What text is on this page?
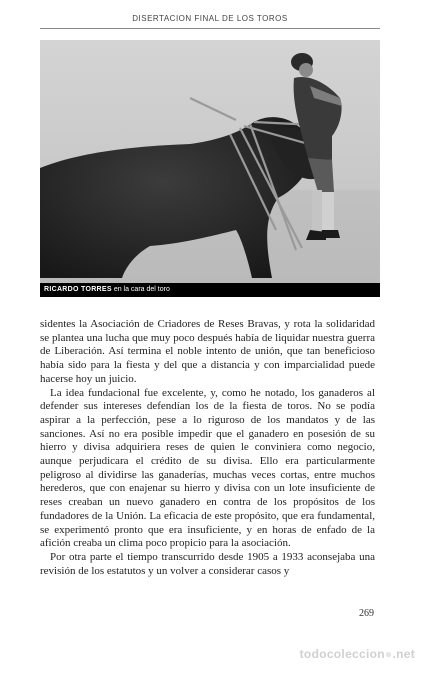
DISERTACION FINAL DE LOS TOROS
RICARDO TORRES en la cara del toro

sidentes la Asociación de Criadores de Reses Bravas, y rota la solidaridad se plantea una lucha que muy poco después había de liquidar nuestra guerra de Liberación. Así termina el noble intento de unión, que tan beneficioso había sido para la fiesta y del que a distancia y con imparcialidad puede hacerse hoy un juicio.

La idea fundacional fue excelente, y, como he notado, los ganaderos al defender sus intereses defendían los de la fiesta de toros. No se podía aspirar a la perfección, pese a lo riguroso de los mandatos y de las sanciones. Así no era posible impedir que el ganadero en posesión de su hierro y divisa adquiriera reses de quien le conviniera como negocio, aunque perjudicara el crédito de su divisa. Ello era particularmente peligroso al dividirse las ganaderías, muchas veces cortas, entre muchos herederos, que con enajenar su hierro y divisa con un lote insuficiente de reses creaban un nuevo ganadero en contra de los propósitos de los fundadores de la Unión. La eficacia de este propósito, que era fundamental, se experimentó pronto que era insuficiente, y en horas de enfado de la afición creaba un clima poco propicio para la asociación.

Por otra parte el tiempo transcurrido desde 1905 a 1933 aconsejaba una revisión de los estatutos y un volver a considerar casos y

269
todocoleccion●.net
